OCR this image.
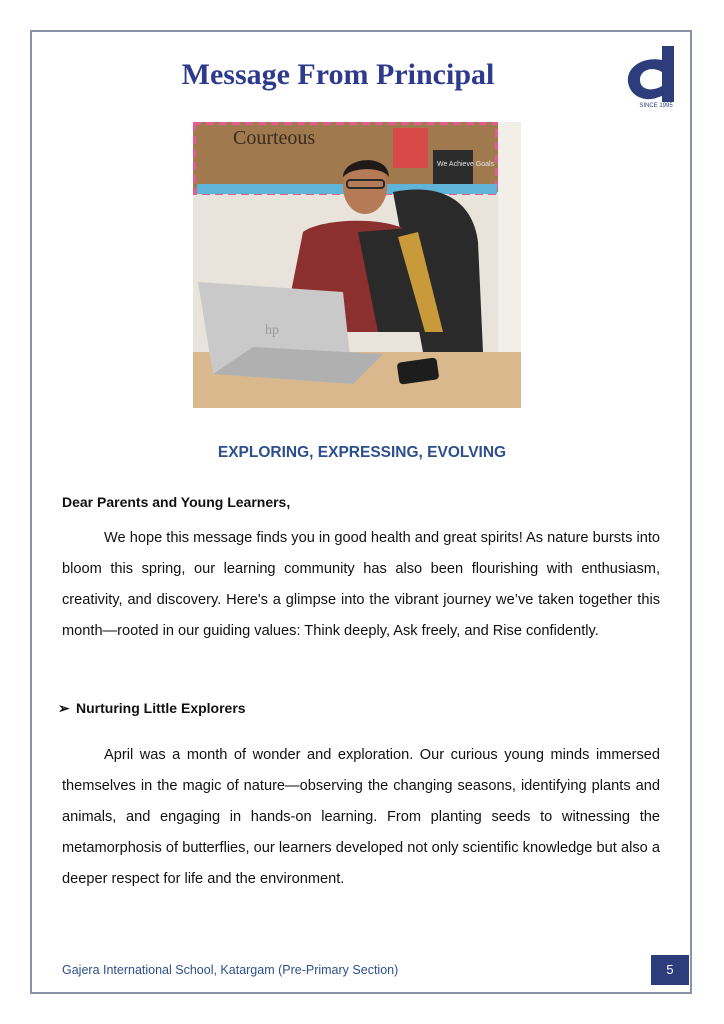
Message From Principal
SINCE 1995
Courteous
We Achieve Goals
hp
EXPLORING, EXPRESSING, EVOLVING
Dear Parents and Young Learners,

We hope this message finds you in good health and great spirits! As nature bursts into bloom this spring, our learning community has also been flourishing with enthusiasm, creativity, and discovery. Here's a glimpse into the vibrant journey we’ve taken together this month—rooted in our guiding values: Think deeply, Ask freely, and Rise confidently.

➢ Nurturing Little Explorers

April was a month of wonder and exploration. Our curious young minds immersed themselves in the magic of nature—observing the changing seasons, identifying plants and animals, and engaging in hands-on learning. From planting seeds to witnessing the metamorphosis of butterflies, our learners developed not only scientific knowledge but also a deeper respect for life and the environment.

Gajera International School, Katargam (Pre-Primary Section)	5
